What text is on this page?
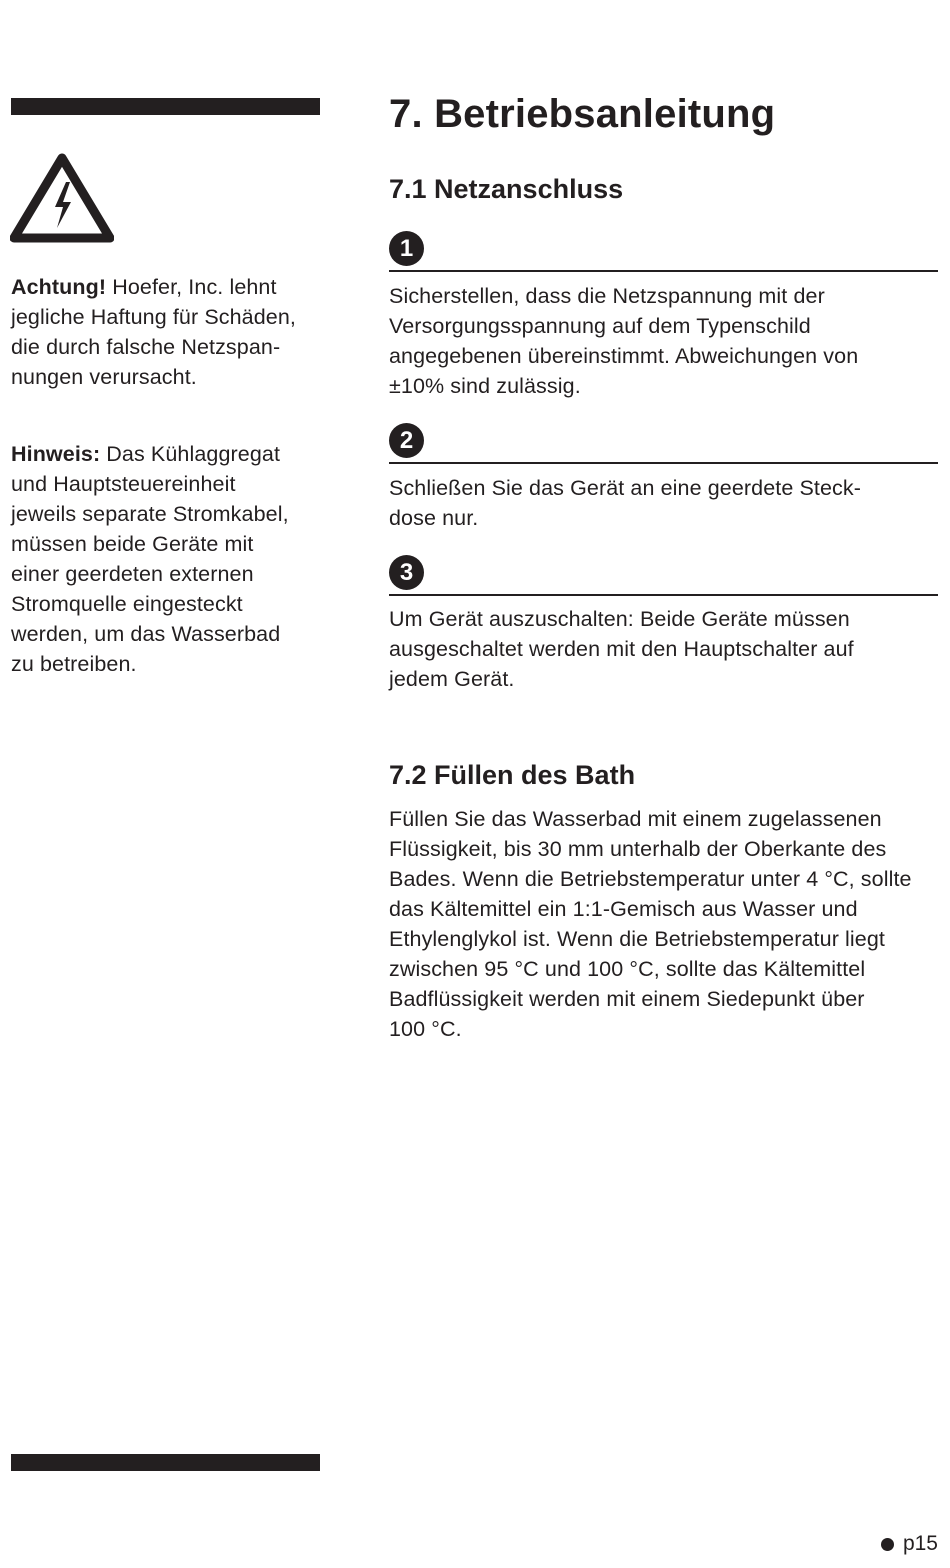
Achtung! Hoefer, Inc. lehnt
jegliche Haftung für Schäden,
die durch falsche Netzspan-
nungen verursacht.
Hinweis: Das Kühlaggregat
und Hauptsteuereinheit
jeweils separate Stromkabel,
müssen beide Geräte mit
einer geerdeten externen
Stromquelle eingesteckt
werden, um das Wasserbad
zu betreiben.
7. Betriebsanleitung
7.1 Netzanschluss
1

Sicherstellen, dass die Netzspannung mit der
Versorgungsspannung auf dem Typenschild
angegebenen übereinstimmt. Abweichungen von
±10% sind zulässig.

2

Schließen Sie das Gerät an eine geerdete Steck-
dose nur.

3

Um Gerät auszuschalten: Beide Geräte müssen
ausgeschaltet werden mit den Hauptschalter auf
jedem Gerät.

7.2 Füllen des Bath

Füllen Sie das Wasserbad mit einem zugelassenen
Flüssigkeit, bis 30 mm unterhalb der Oberkante des
Bades. Wenn die Betriebstemperatur unter 4 °C, sollte
das Kältemittel ein 1:1-Gemisch aus Wasser und
Ethylenglykol ist. Wenn die Betriebstemperatur liegt
zwischen 95 °C und 100 °C, sollte das Kältemittel
Badflüssigkeit werden mit einem Siedepunkt über
100 °C.

p15
